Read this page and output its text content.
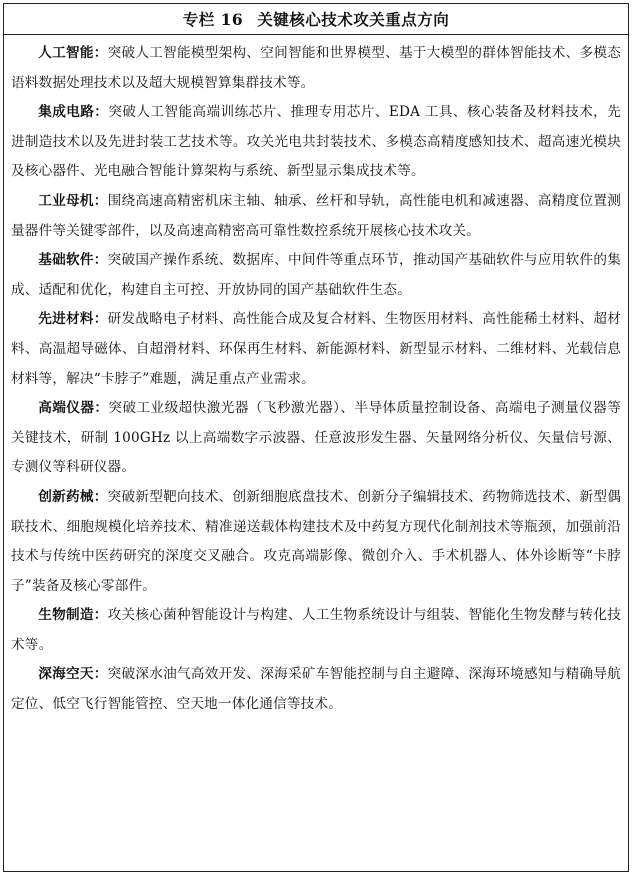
专栏 16 关键核心技术攻关重点方向

人工智能：突破人工智能模型架构、空间智能和世界模型、基于大模型的群体智能技术、多模态语料数据处理技术以及超大规模智算集群技术等。

集成电路：突破人工智能高端训练芯片、推理专用芯片、EDA 工具、核心装备及材料技术，先进制造技术以及先进封装工艺技术等。攻关光电共封装技术、多模态高精度感知技术、超高速光模块及核心器件、光电融合智能计算架构与系统、新型显示集成技术等。

工业母机：围绕高速高精密机床主轴、轴承、丝杆和导轨，高性能电机和减速器、高精度位置测量器件等关键零部件，以及高速高精密高可靠性数控系统开展核心技术攻关。

基础软件：突破国产操作系统、数据库、中间件等重点环节，推动国产基础软件与应用软件的集成、适配和优化，构建自主可控、开放协同的国产基础软件生态。

先进材料：研发战略电子材料、高性能合成及复合材料、生物医用材料、高性能稀土材料、超材料、高温超导磁体、自超滑材料、环保再生材料、新能源材料、新型显示材料、二维材料、光载信息材料等，解决“卡脖子”难题，满足重点产业需求。

高端仪器：突破工业级超快激光器（飞秒激光器）、半导体质量控制设备、高端电子测量仪器等关键技术，研制 100GHz 以上高端数字示波器、任意波形发生器、矢量网络分析仪、矢量信号源、专测仪等科研仪器。

创新药械：突破新型靶向技术、创新细胞底盘技术、创新分子编辑技术、药物筛选技术、新型偶联技术、细胞规模化培养技术、精准递送载体构建技术及中药复方现代化制剂技术等瓶颈，加强前沿技术与传统中医药研究的深度交叉融合。攻克高端影像、微创介入、手术机器人、体外诊断等“卡脖子”装备及核心零部件。

生物制造：攻关核心菌种智能设计与构建、人工生物系统设计与组装、智能化生物发酵与转化技术等。

深海空天：突破深水油气高效开发、深海采矿车智能控制与自主避障、深海环境感知与精确导航定位、低空飞行智能管控、空天地一体化通信等技术。
